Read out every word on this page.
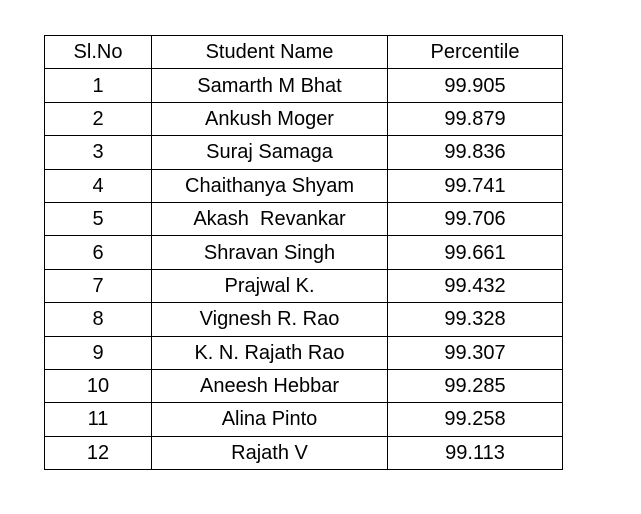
Sl.No	Student Name	Percentile
1	Samarth M Bhat	99.905
2	Ankush Moger	99.879
3	Suraj Samaga	99.836
4	Chaithanya Shyam	99.741
5	Akash  Revankar	99.706
6	Shravan Singh	99.661
7	Prajwal K.	99.432
8	Vignesh R. Rao	99.328
9	K. N. Rajath Rao	99.307
10	Aneesh Hebbar	99.285
11	Alina Pinto	99.258
12	Rajath V	99.113
